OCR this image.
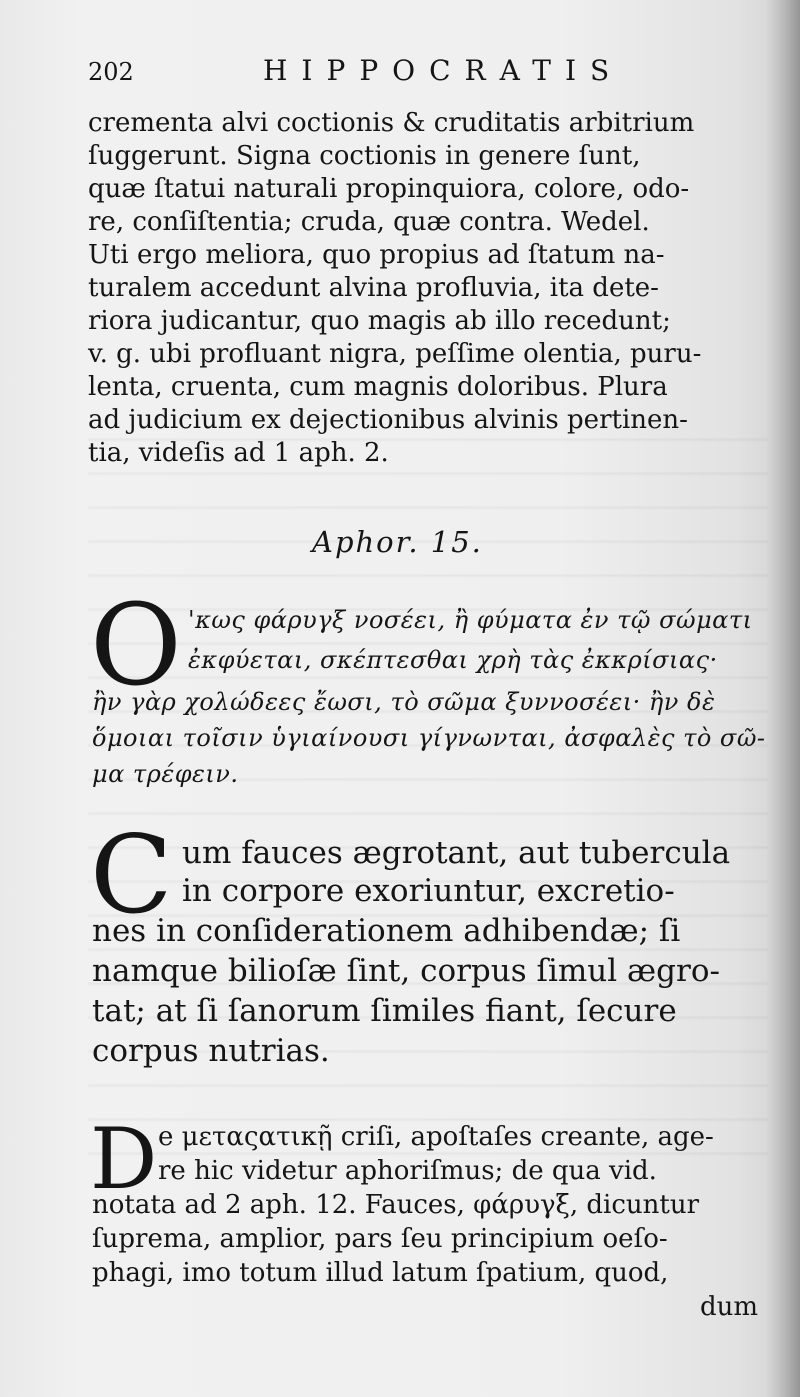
202	HIPPOCRATIS
crementa alvi coctionis & cruditatis arbitrium
ſuggerunt. Signa coctionis in genere ſunt,
quæ ſtatui naturali propinquiora, colore, odo-
re, conſiſtentia; cruda, quæ contra. Wedel.
Uti ergo meliora, quo propius ad ſtatum na-
turalem accedunt alvina profluvia, ita dete-
riora judicantur, quo magis ab illo recedunt;
v. g. ubi profluant nigra, peſſime olentia, puru-
lenta, cruenta, cum magnis doloribus. Plura
ad judicium ex dejectionibus alvinis pertinen-
tia, videſis ad 1 aph. 2.
Aphor. 15.
O 'κως φάρυγξ νοσέει, ἢ φύματα ἐν τῷ σώματι
ἐκφύεται, σκέπτεσθαι χρὴ τὰς ἐκκρίσιας·
ἢν γὰρ χολώδεες ἔωσι, τὸ σῶμα ξυννοσέει· ἢν δὲ
ὅμοιαι τοῖσιν ὑγιαίνουσι γίγνωνται, ἀσφαλὲς τὸ σῶ-
μα τρέφειν.
C um fauces ægrotant, aut tubercula
in corpore exoriuntur, excretio-
nes in conſiderationem adhibendæ; ſi
namque bilioſæ ſint, corpus ſimul ægro-
tat; at ſi ſanorum ſimiles fiant, ſecure
corpus nutrias.
D e μεταςατικῇ criſi, apoſtaſes creante, age-
re hic videtur aphoriſmus; de qua vid.
notata ad 2 aph. 12. Fauces, φάρυγξ, dicuntur
ſuprema, amplior, pars ſeu principium oeſo-
phagi, imo totum illud latum ſpatium, quod,
dum
